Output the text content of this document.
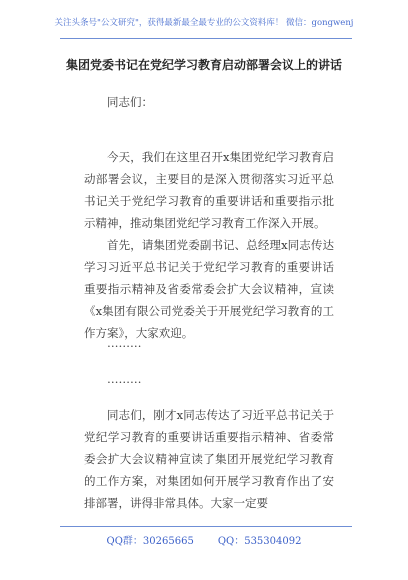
关注头条号"公文研究"，获得最新最全最专业的公文资料库！ 微信：gongwenj
集团党委书记在党纪学习教育启动部署会议上的讲话

同志们：

今天，我们在这里召开x集团党纪学习教育启动部署会议，主要目的是深入贯彻落实习近平总书记关于党纪学习教育的重要讲话和重要指示批示精神，推动集团党纪学习教育工作深入开展。

首先，请集团党委副书记、总经理x同志传达学习习近平总书记关于党纪学习教育的重要讲话重要指示精神及省委常委会扩大会议精神，宣读《x集团有限公司党委关于开展党纪学习教育的工作方案》，大家欢迎。

………

………

同志们，刚才x同志传达了习近平总书记关于党纪学习教育的重要讲话重要指示精神、省委常委会扩大会议精神宣读了集团开展党纪学习教育的工作方案，对集团如何开展学习教育作出了安排部署，讲得非常具体。大家一定要

QQ群：30265665 QQ：535304092
